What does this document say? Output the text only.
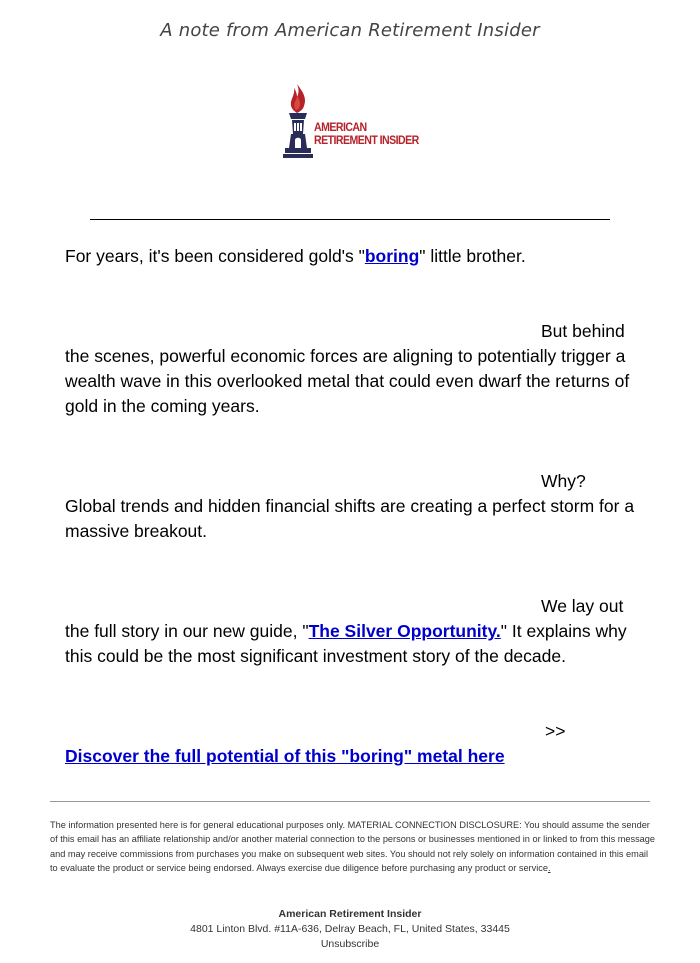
A note from American Retirement Insider
AMERICAN
RETIREMENT INSIDER

For years, it's been considered gold's "boring" little brother.

But behind the scenes, powerful economic forces are aligning to potentially trigger a wealth wave in this overlooked metal that could even dwarf the returns of gold in the coming years.

Why? Global trends and hidden financial shifts are creating a perfect storm for a massive breakout.

We lay out the full story in our new guide, "The Silver Opportunity." It explains why this could be the most significant investment story of the decade.

>>
Discover the full potential of this "boring" metal here

The information presented here is for general educational purposes only. MATERIAL CONNECTION DISCLOSURE: You should assume the sender of this email has an affiliate relationship and/or another material connection to the persons or businesses mentioned in or linked to from this message and may receive commissions from purchases you make on subsequent web sites. You should not rely solely on information contained in this email to evaluate the product or service being endorsed. Always exercise due diligence before purchasing any product or service.
American Retirement Insider
4801 Linton Blvd. #11A-636, Delray Beach, FL, United States, 33445
Unsubscribe
